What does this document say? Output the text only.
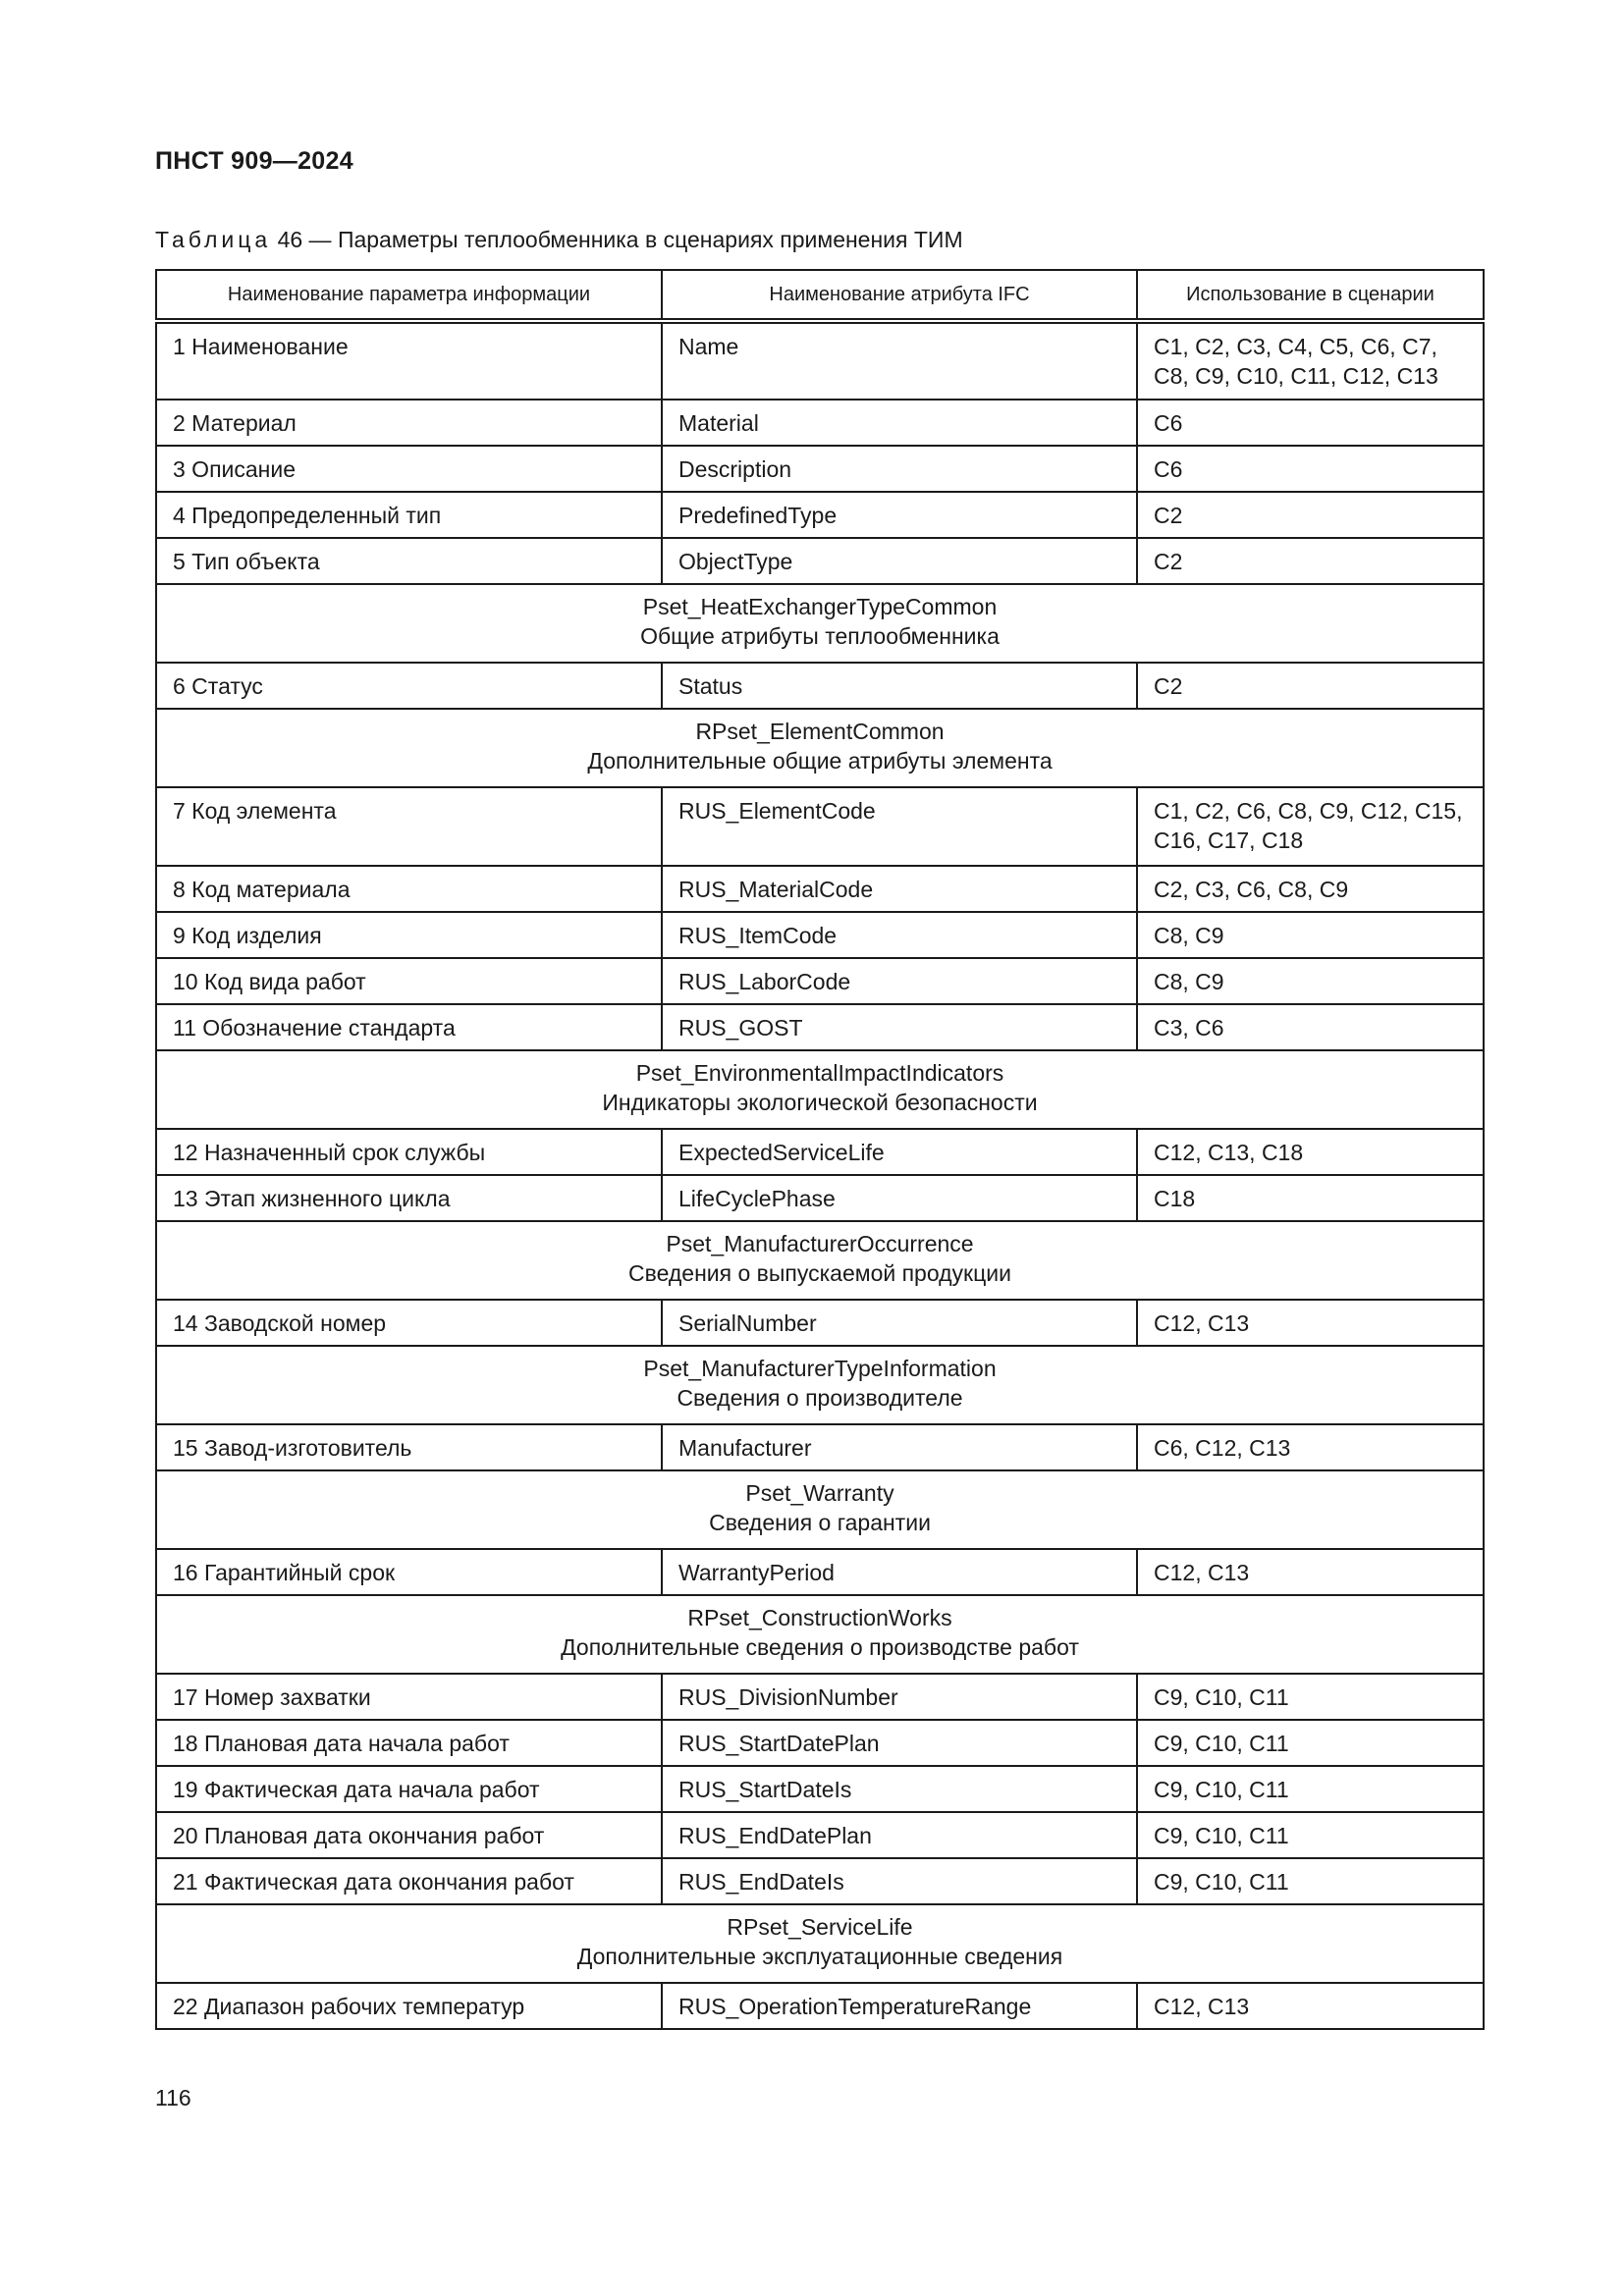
ПНСТ 909—2024
Таблица 46 — Параметры теплообменника в сценариях применения ТИМ
Наименование параметра информации	Наименование атрибута IFC	Использование в сценарии
1 Наименование	Name	C1, C2, C3, C4, C5, C6, C7, C8, C9, C10, C11, C12, C13
2 Материал	Material	C6
3 Описание	Description	C6
4 Предопределенный тип	PredefinedType	C2
5 Тип объекта	ObjectType	C2

Pset_HeatExchangerTypeCommon
Общие атрибуты теплообменника		

6 Статус	Status	C2

RPset_ElementCommon
Дополнительные общие атрибуты элемента		

7 Код элемента	RUS_ElementCode	C1, C2, C6, C8, C9, C12, C15, C16, C17, C18
8 Код материала	RUS_MaterialCode	C2, C3, C6, C8, C9
9 Код изделия	RUS_ItemCode	C8, C9
10 Код вида работ	RUS_LaborCode	C8, C9
11 Обозначение стандарта	RUS_GOST	C3, C6

Pset_EnvironmentalImpactIndicators
Индикаторы экологической безопасности		

12 Назначенный срок службы	ExpectedServiceLife	C12, C13, C18
13 Этап жизненного цикла	LifeCyclePhase	C18

Pset_ManufacturerOccurrence
Сведения о выпускаемой продукции		

14 Заводской номер	SerialNumber	C12, C13

Pset_ManufacturerTypeInformation
Сведения о производителе		

15 Завод-изготовитель	Manufacturer	C6, C12, C13

Pset_Warranty
Сведения о гарантии		

16 Гарантийный срок	WarrantyPeriod	C12, C13

RPset_ConstructionWorks
Дополнительные сведения о производстве работ		

17 Номер захватки	RUS_DivisionNumber	C9, C10, C11
18 Плановая дата начала работ	RUS_StartDatePlan	C9, C10, C11
19 Фактическая дата начала работ	RUS_StartDateIs	C9, C10, C11
20 Плановая дата окончания работ	RUS_EndDatePlan	C9, C10, C11
21 Фактическая дата окончания работ	RUS_EndDateIs	C9, C10, C11

RPset_ServiceLife
Дополнительные эксплуатационные сведения		

22 Диапазон рабочих температур	RUS_OperationTemperatureRange	C12, C13
116
